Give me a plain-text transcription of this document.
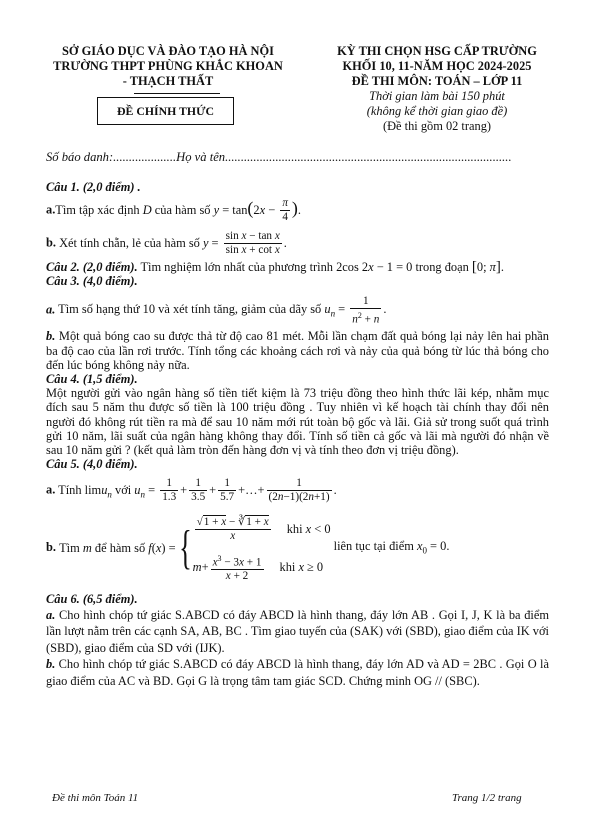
SỞ GIÁO DỤC VÀ ĐÀO TẠO HÀ NỘI
TRƯỜNG THPT PHÙNG KHẮC KHOAN
- THẠCH THẤT
ĐỀ CHÍNH THỨC
KỲ THI CHỌN HSG CẤP TRƯỜNG
KHỐI 10, 11-NĂM HỌC 2024-2025
ĐỀ THI MÔN: TOÁN – LỚP 11
Thời gian làm bài 150 phút
(không kể thời gian giao đề)
(Đề thi gồm 02 trang)
Số báo danh:....................Họ và tên...........................................................................................

Câu 1. (2,0 điểm) .

a.Tìm tập xác định D của hàm số $y = \tan(2x - \frac{\pi}{4}$ ).

b. Xét tính chẵn, lẻ của hàm số $y = \frac{\text{sin x − tan x}}{\text{sin x + cot x}}$ .

Câu 2. (2,0 điểm). Tìm nghiệm lớn nhất của phương trình 2cos 2x − 1 = 0 trong đoạn [0; π].

Câu 3. (4,0 điểm).

a. Tìm số hạng thứ 10 và xét tính tăng, giảm của dãy số $u_n = \frac{1}{n^2 + n}$ .

b. Một quả bóng cao su được thả từ độ cao 81 mét. Mỗi lần chạm đất quả bóng lại nảy lên hai phần ba độ cao của lần rơi trước. Tính tổng các khoảng cách rơi và nảy của quả bóng từ lúc thả bóng cho đến lúc bóng không nảy nữa.

Câu 4. (1,5 điểm).

Một người gửi vào ngân hàng số tiền tiết kiệm là 73 triệu đồng theo hình thức lãi kép, nhằm mục đích sau 5 năm thu được số tiền là 100 triệu đồng . Tuy nhiên vì kế hoạch tài chính thay đổi nên người đó không rút tiền ra mà để sau 10 năm mới rút toàn bộ gốc và lãi. Giả sử trong suốt quá trình gửi 10 năm, lãi suất của ngân hàng không thay đổi. Tính số tiền cả gốc và lãi mà người đó nhận về sau 10 năm gửi ? (kết quả làm tròn đến hàng đơn vị và tính theo đơn vị triệu đồng).

Câu 5. (4,0 điểm).

a. Tính limu$_n$ với $u_n = \frac{1}{1.3} + \frac{1}{3.5} + \frac{1}{5.7}$ +…+ $\frac{1}{(2n-1)(2n+1)}$ .

b. Tìm m để hàm số f(x) ={ $\frac{√1 + x - ∛1 + x}{x}$ khi x < 0
$m + \frac{x^3 - 3x + 1}{x + 2}$ khi x ≥ 0
liên tục tại điểm $x_0 = 0$.

Câu 6. (6,5 điểm).

a. Cho hình chóp tứ giác S.ABCD có đáy ABCD là hình thang, đáy lớn AB . Gọi I, J, K là ba điểm lần lượt nằm trên các cạnh SA, AB, BC . Tìm giao tuyến của (SAK) với (SBD), giao điểm của IK với (SBD), giao điểm của SD với (IJK).

b. Cho hình chóp tứ giác S.ABCD có đáy ABCD là hình thang, đáy lớn AD và AD = 2BC . Gọi O là giao điểm của AC và BD. Gọi G là trọng tâm tam giác SCD. Chứng minh OG // (SBC).

Đề thi môn Toán 11	Trang 1/2 trang
